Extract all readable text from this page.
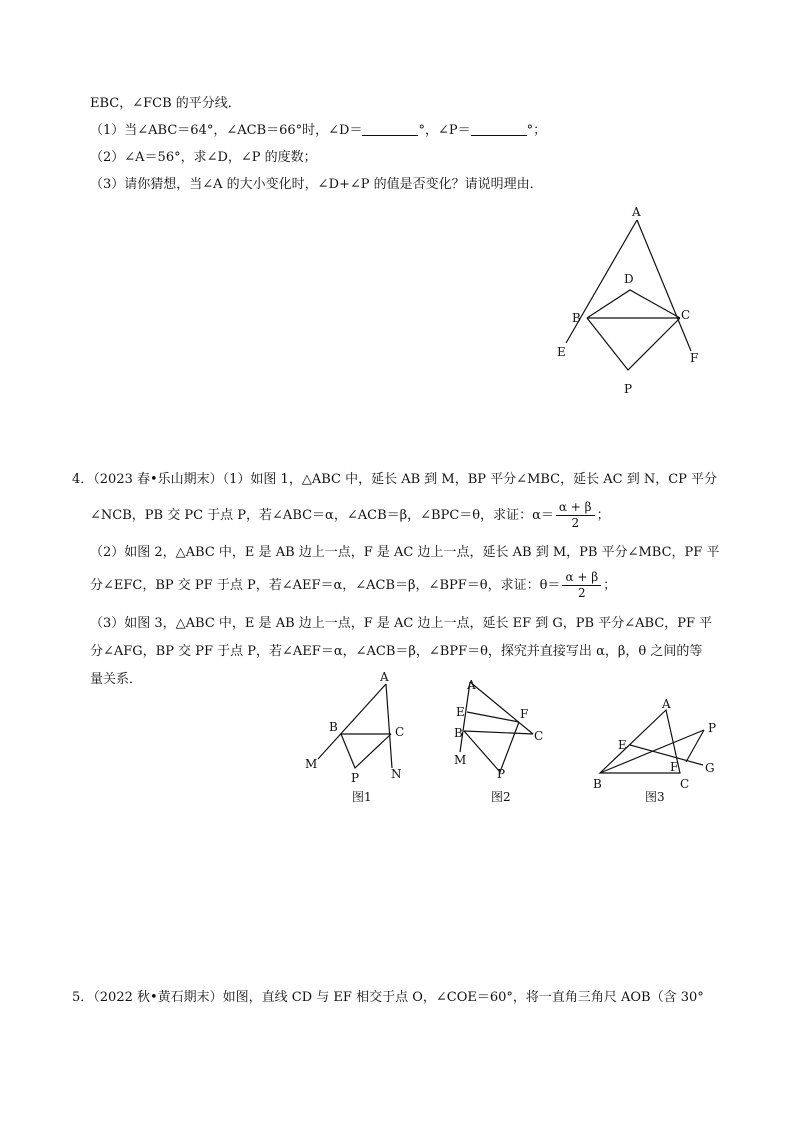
EBC，∠FCB 的平分线．
（1）当∠ABC＝64°，∠ACB＝66°时，∠D＝	°，∠P＝	°；
（2）∠A＝56°，求∠D，∠P 的度数；
（3）请你猜想，当∠A 的大小变化时，∠D+∠P 的值是否变化？请说明理由．
A
D
B	C
E	F
P
4．（2023 春•乐山期末）（1）如图 1，△ABC 中，延长 AB 到 M，BP 平分∠MBC，延长 AC 到 N，CP 平分
∠NCB，PB 交 PC 于点 P，若∠ABC＝α，∠ACB＝β，∠BPC＝θ，求证：$\alpha= \frac{\alpha + \beta}{2}$ ；
（2）如图 2，△ABC 中，E 是 AB 边上一点，F 是 AC 边上一点，延长 AB 到 M，PB 平分∠MBC，PF 平
分∠EFC，BP 交 PF 于点 P，若∠AEF＝α，∠ACB＝β，∠BPF＝θ，求证：$\theta= \frac{\alpha + \beta}{2}$ ；
（3）如图 3，△ABC 中，E 是 AB 边上一点，F 是 AC 边上一点，延长 EF 到 G，PB 平分∠ABC，PF 平
分∠AFG，BP 交 PF 于点 P，若∠AEF＝α，∠ACB＝β，∠BPF＝θ，探究并直接写出 α，β，θ 之间的等
量关系．	A
B	C
M
P	N
图1
A
E	F
B	C
M
P
图2
A
P
E
F G
B	C
图3
5．（2022 秋•黄石期末）如图，直线 CD 与 EF 相交于点 O，∠COE＝60°，将一直角三角尺 AOB（含 30°
